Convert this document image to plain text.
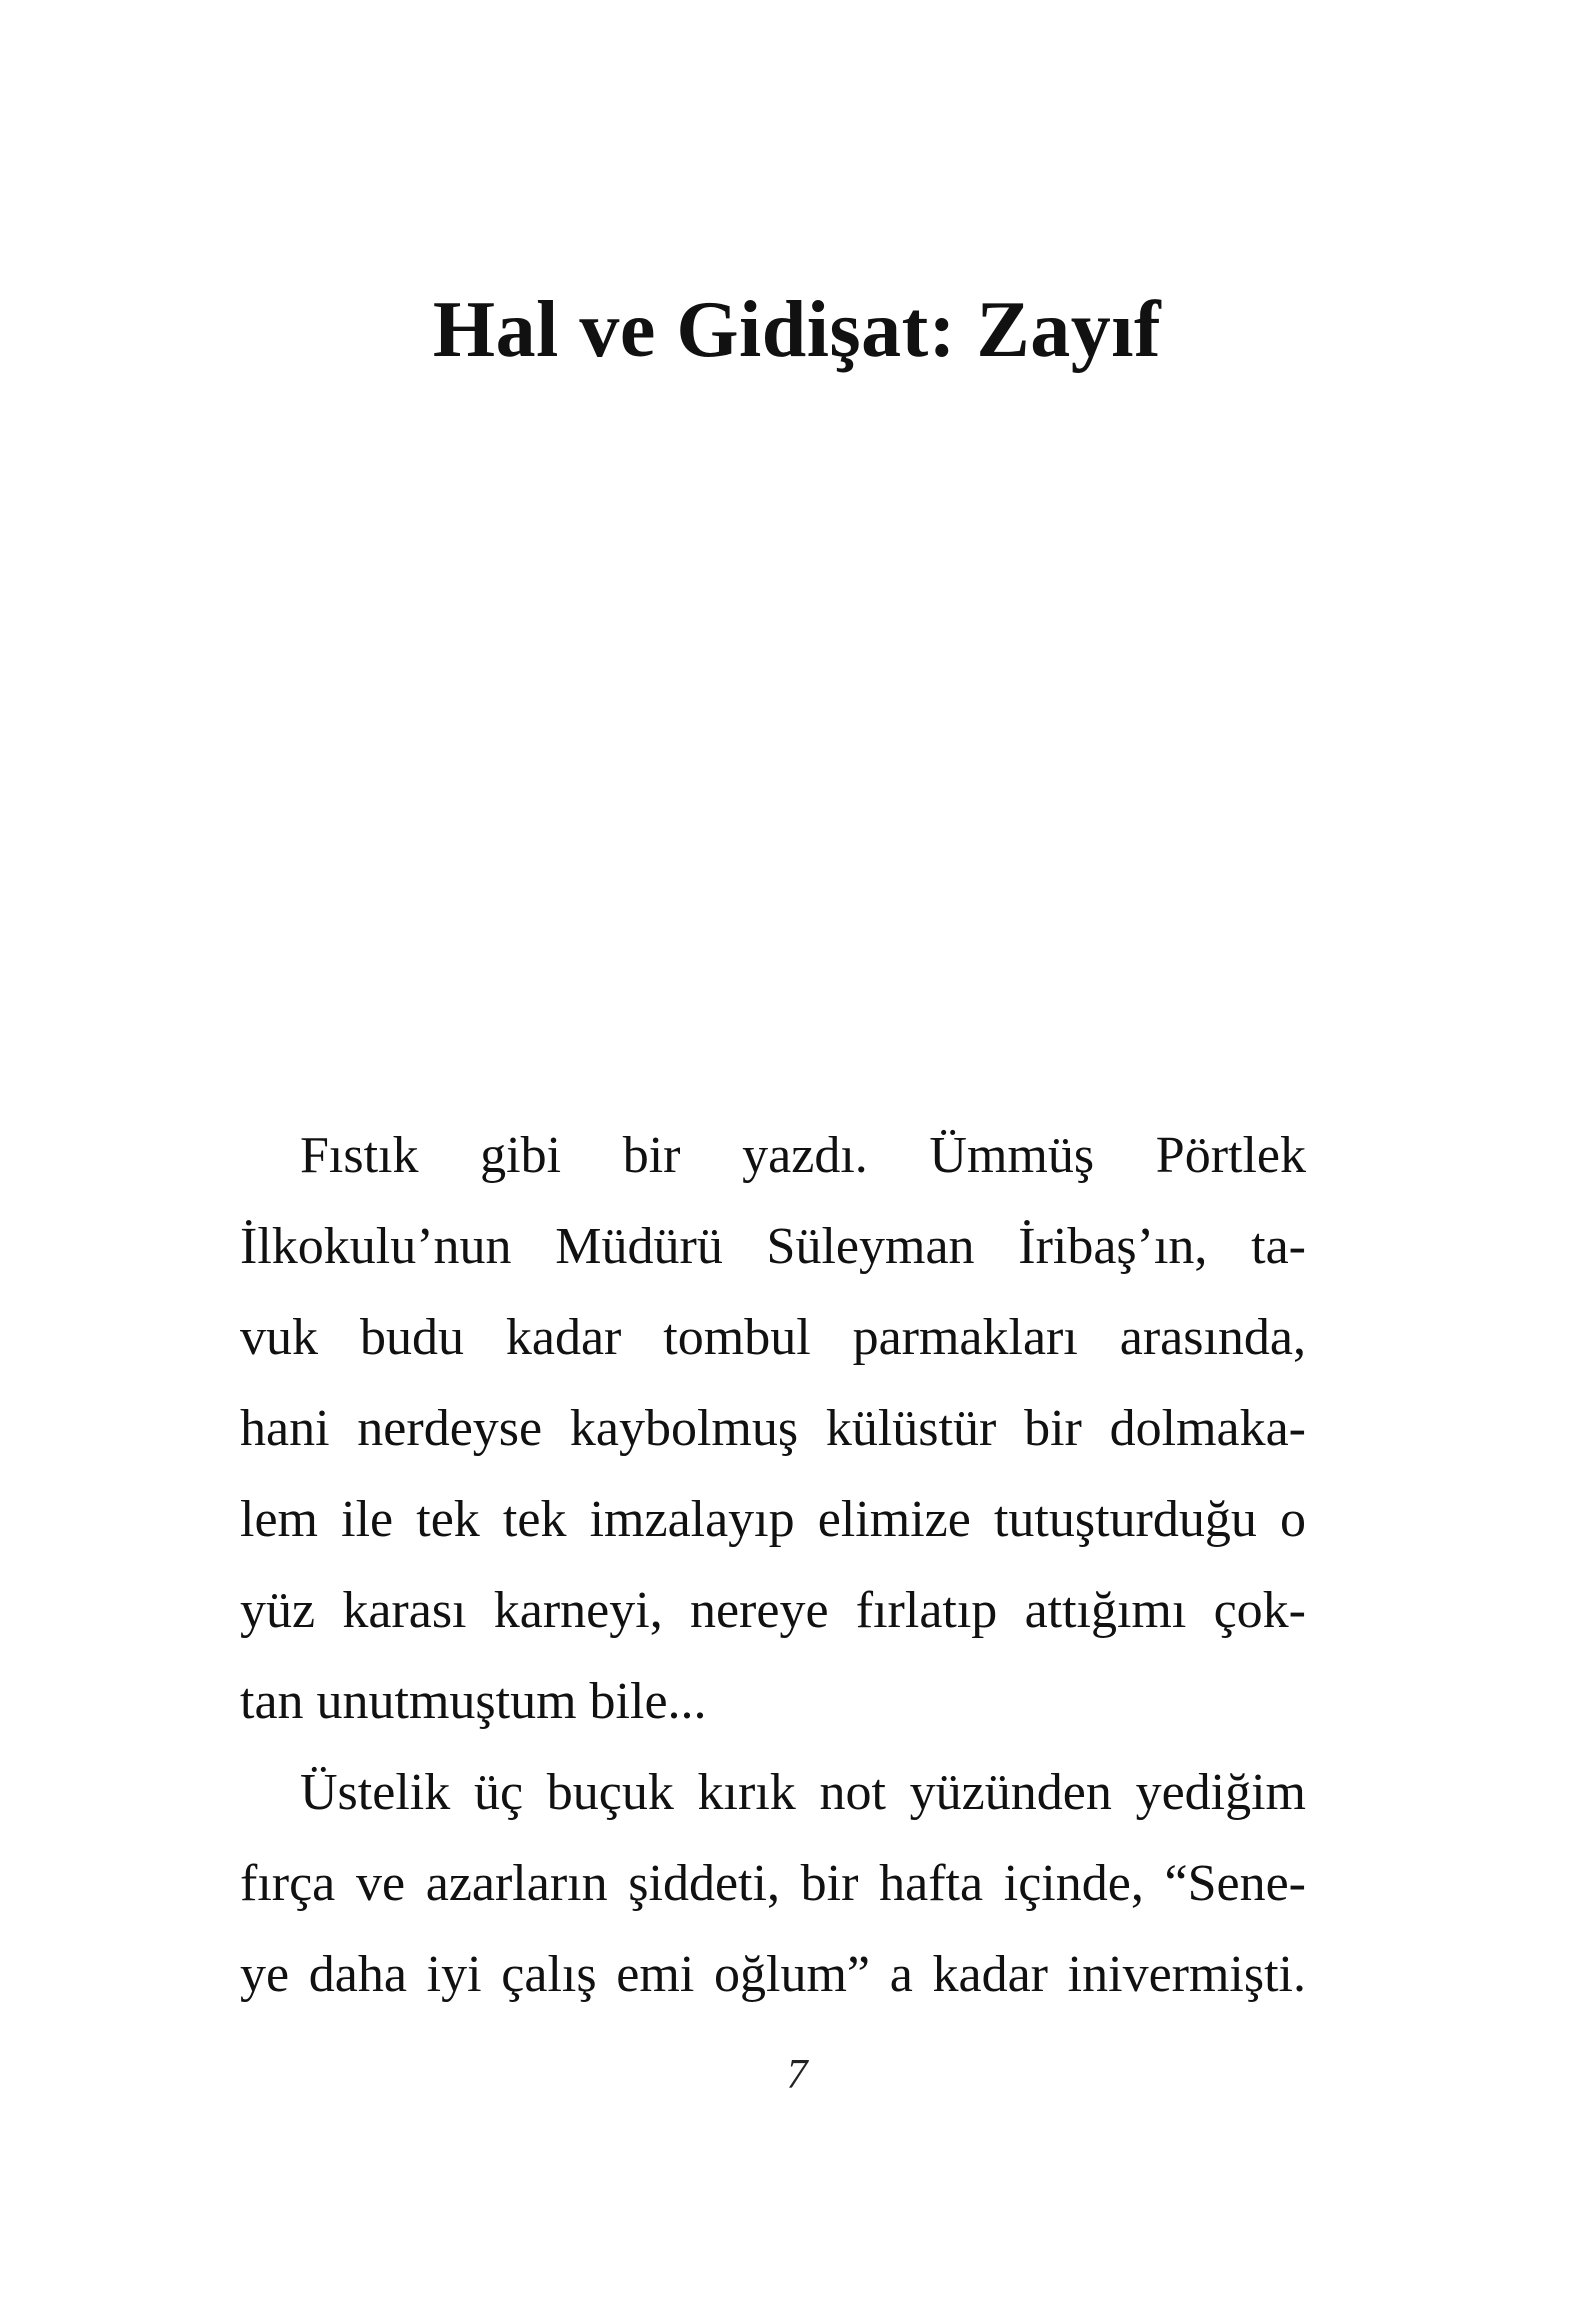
Hal ve Gidişat: Zayıf
Fıstık gibi bir yazdı. Ümmüş Pörtlek
İlkokulu’nun Müdürü Süleyman İribaş’ın, ta-
vuk budu kadar tombul parmakları arasında,
hani nerdeyse kaybolmuş külüstür bir dolmaka-
lem ile tek tek imzalayıp elimize tutuşturduğu o
yüz karası karneyi, nereye fırlatıp attığımı çok-
tan unutmuştum bile...
Üstelik üç buçuk kırık not yüzünden yediğim
fırça ve azarların şiddeti, bir hafta içinde, “Sene-
ye daha iyi çalış emi oğlum” a kadar inivermişti.
7
